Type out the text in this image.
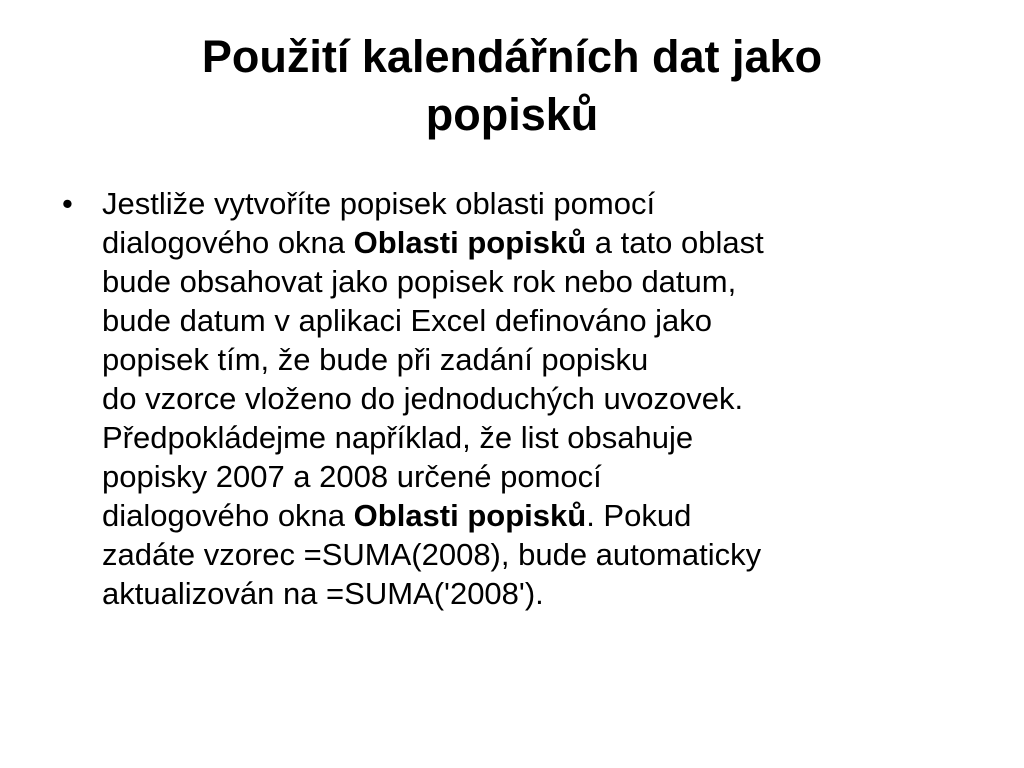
Použití kalendářních dat jako
popisků
• Jestliže vytvoříte popisek oblasti pomocí
dialogového okna Oblasti popisků a tato oblast
bude obsahovat jako popisek rok nebo datum,
bude datum v aplikaci Excel definováno jako
popisek tím, že bude při zadání popisku
do vzorce vloženo do jednoduchých uvozovek.
Předpokládejme například, že list obsahuje
popisky 2007 a 2008 určené pomocí
dialogového okna Oblasti popisků. Pokud
zadáte vzorec =SUMA(2008), bude automaticky
aktualizován na =SUMA('2008').
